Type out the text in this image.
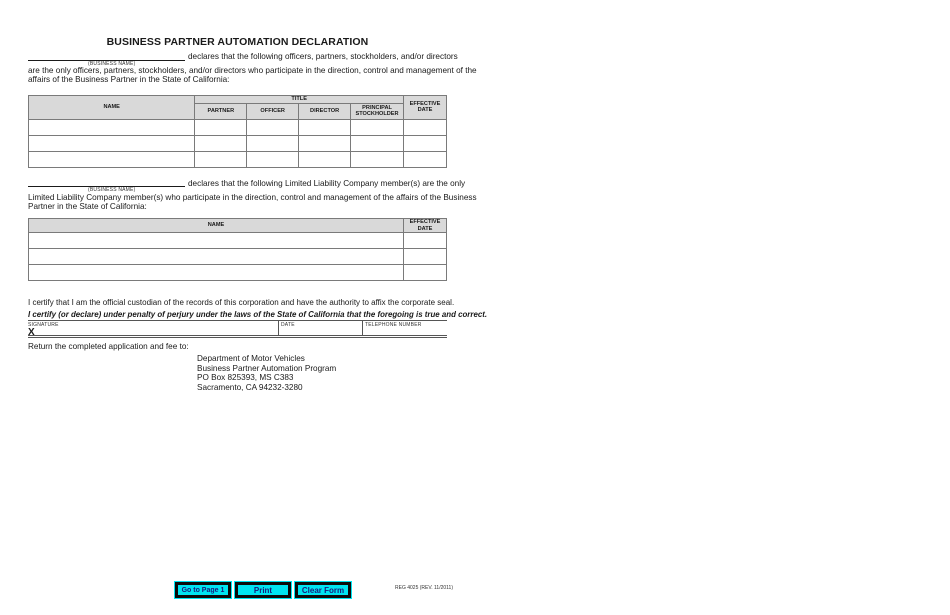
BUSINESS PARTNER AUTOMATION DECLARATION
(BUSINESS NAME)
declares that the following officers, partners, stockholders, and/or directors
are the only officers, partners, stockholders, and/or directors who participate in the direction, control and management of the
affairs of the Business Partner in the State of California:
NAME	TITLE				EFFECTIVE
DATE

	PARTNER	OFFICER	DIRECTOR	PRINCIPAL
STOCKHOLDER	

(BUSINESS NAME)
declares that the following Limited Liability Company member(s) are the only
Limited Liability Company member(s) who participate in the direction, control and management of the affairs of the Business
Partner in the State of California:
NAME	EFFECTIVE
DATE

I certify that I am the official custodian of the records of this corporation and have the authority to affix the corporate seal.
I certify (or declare) under penalty of perjury under the laws of the State of California that the foregoing is true and correct.
SIGNATURE
X
DATE	TELEPHONE NUMBER
Return the completed application and fee to:
Department of Motor Vehicles
Business Partner Automation Program
PO Box 825393, MS C383
Sacramento, CA 94232-3280
Go to Page 1	Print	Clear Form	REG 4025 (REV. 11/2011)
